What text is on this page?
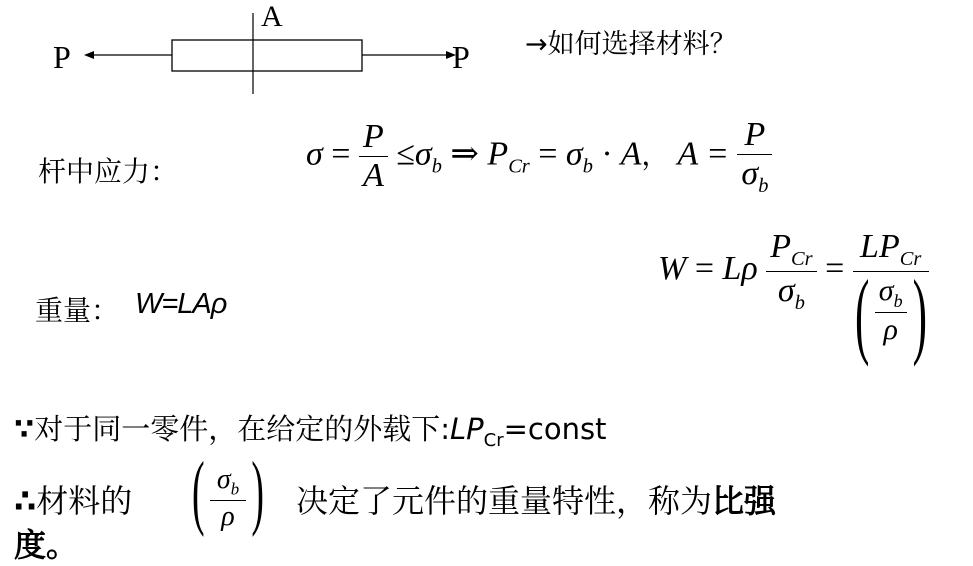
A
P	P →如何选择材料？
杆中应力：	$\sigma = \frac{P}{A} \le\sigma_b$ ⇒ $P_{Cr} = \sigma_b \cdot A$， $A = \frac{P}{\sigma_b}$
重量： W=LAρ
W = Lρ $\frac{P_{Cr}}{\sigma_b} = \frac{LP_{Cr}}{( \frac{\sigma_b}{\rho} )}$
∵对于同一零件，在给定的外载下$:LP_{Cr}=const$
∴材料的 ( $\frac{\sigma_b}{\rho}$ ) 决定了元件的重量特性，称为比强
度。
